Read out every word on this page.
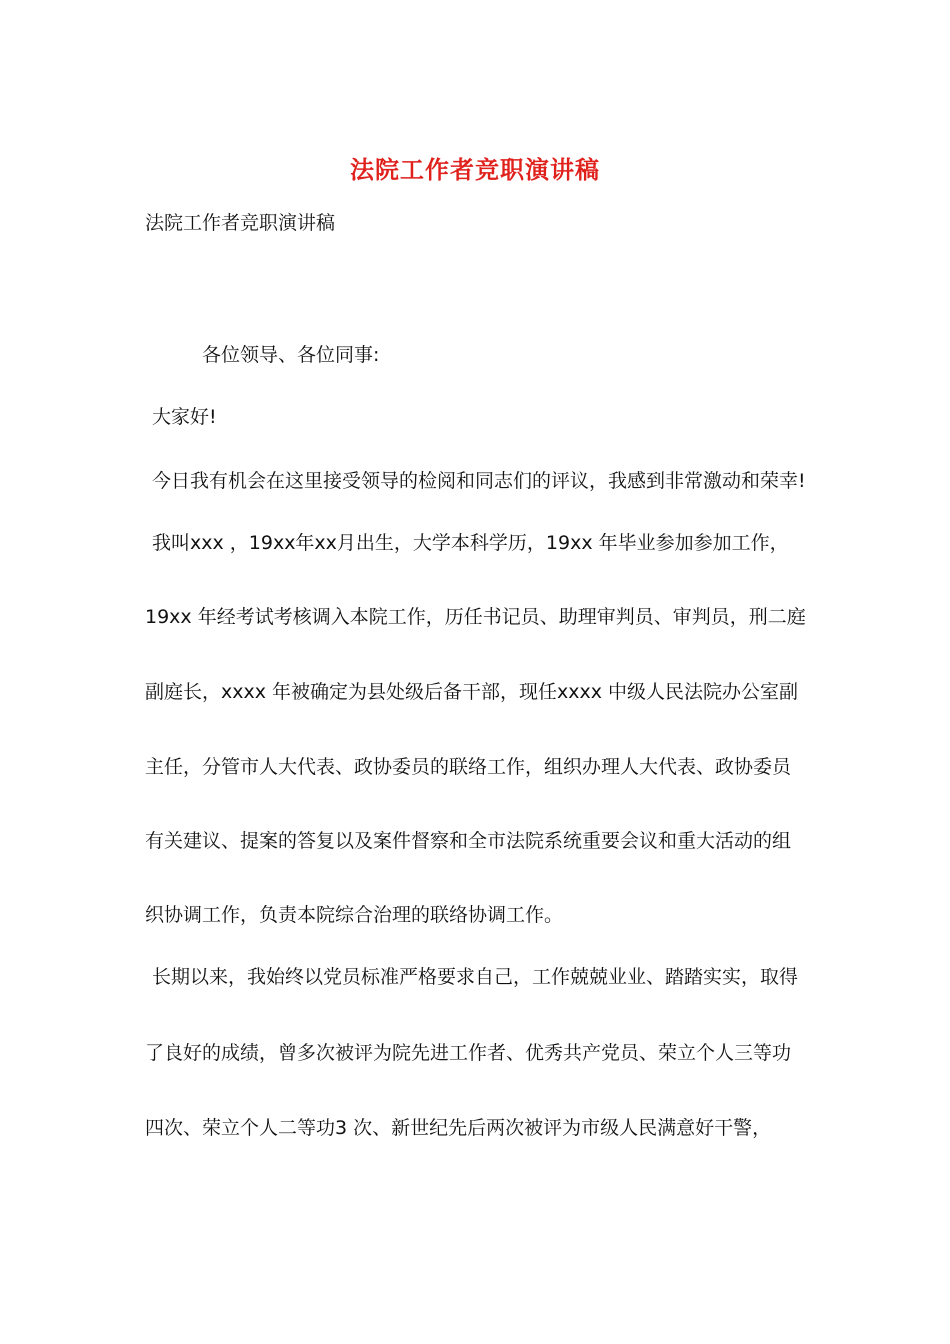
法院工作者竞职演讲稿
法院工作者竞职演讲稿
各位领导、各位同事:
大家好!
今日我有机会在这里接受领导的检阅和同志们的评议，我感到非常激动和荣幸!
我叫xxx ，19xx年xx月出生，大学本科学历，19xx 年毕业参加参加工作，
19xx 年经考试考核调入本院工作，历任书记员、助理审判员、审判员，刑二庭
副庭长，xxxx 年被确定为县处级后备干部，现任xxxx 中级人民法院办公室副
主任，分管市人大代表、政协委员的联络工作，组织办理人大代表、政协委员
有关建议、提案的答复以及案件督察和全市法院系统重要会议和重大活动的组
织协调工作，负责本院综合治理的联络协调工作。
长期以来，我始终以党员标准严格要求自己，工作兢兢业业、踏踏实实，取得
了良好的成绩，曾多次被评为院先进工作者、优秀共产党员、荣立个人三等功
四次、荣立个人二等功3 次、新世纪先后两次被评为市级人民满意好干警，
